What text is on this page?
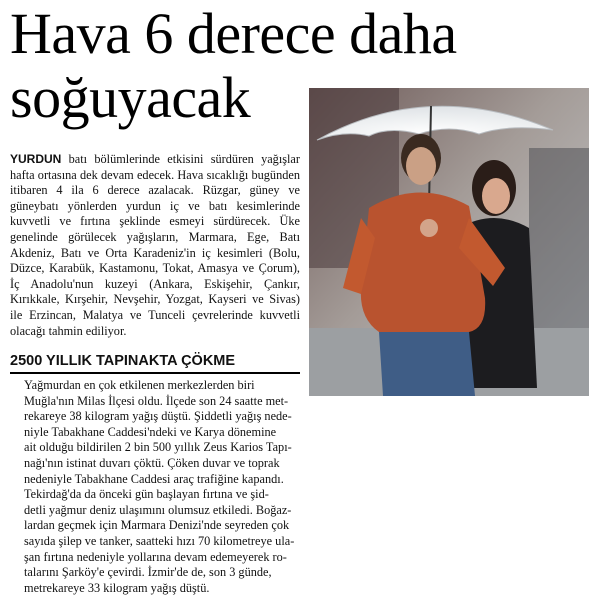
Hava 6 derece daha soğuyacak

YURDUN batı bölümlerinde etkisini sürdüren yağışlar hafta ortasına dek devam edecek. Hava sıcaklığı bugünden itibaren 4 ila 6 derece azalacak. Rüzgar, güney ve güneybatı yönlerden yurdun iç ve batı kesimlerinde kuvvetli ve fırtına şeklinde esmeyi sürdürecek. Üke genelinde görülecek yağışların, Marmara, Ege, Batı Akdeniz, Batı ve Orta Karadeniz'in iç kesimleri (Bolu, Düzce, Karabük, Kastamonu, Tokat, Amasya ve Çorum), İç Anadolu'nun kuzeyi (Ankara, Eskişehir, Çankır, Kırıkkale, Kırşehir, Nevşehir, Yozgat, Kayseri ve Sivas) ile Erzincan, Malatya ve Tunceli çevrelerinde kuvvetli olacağı tahmin ediliyor.

2500 YILLIK TAPINAKTA ÇÖKME

Yağmurdan en çok etkilenen merkezlerden biri
Muğla'nın Milas İlçesi oldu. İlçede son 24 saatte met-
rekareye 38 kilogram yağış düştü. Şiddetli yağış nede-
niyle Tabakhane Caddesi'ndeki ve Karya dönemine
ait olduğu bildirilen 2 bin 500 yıllık Zeus Karios Tapı-
nağı'nın istinat duvarı çöktü. Çöken duvar ve toprak
nedeniyle Tabakhane Caddesi araç trafiğine kapandı.

Tekirdağ'da da önceki gün başlayan fırtına ve şid-
detli yağmur deniz ulaşımını olumsuz etkiledi. Boğaz-
lardan geçmek için Marmara Denizi'nde seyreden çok
sayıda şilep ve tanker, saatteki hızı 70 kilometreye ula-
şan fırtına nedeniyle yollarına devam edemeyerek ro-
talarını Şarköy'e çevirdi. İzmir'de de, son 3 günde,
metrekareye 33 kilogram yağış düştü.
